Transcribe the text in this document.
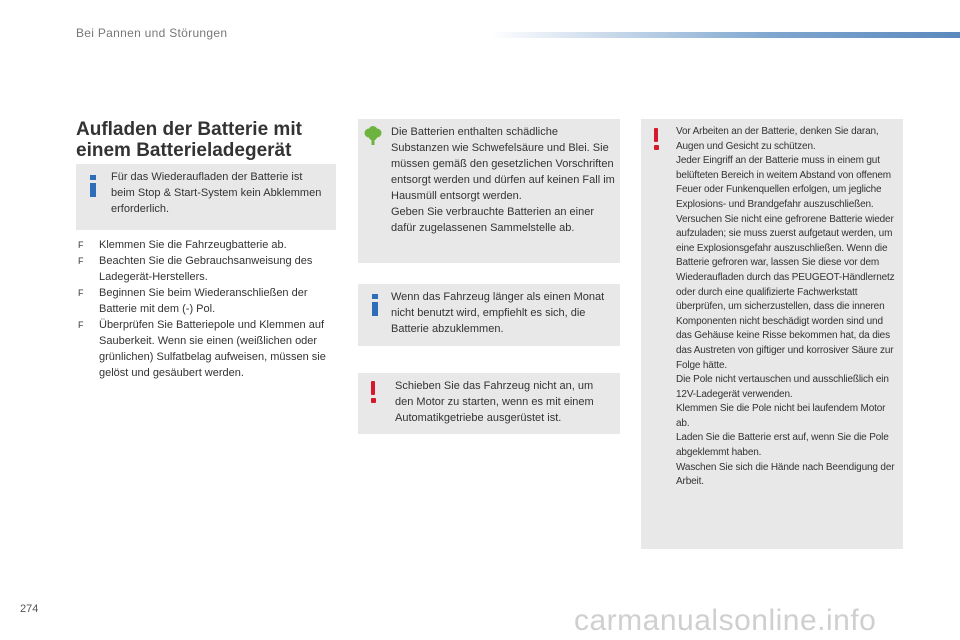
Bei Pannen und Störungen
Aufladen der Batterie mit
einem Batterieladegerät
Für das Wiederaufladen der Batterie ist beim Stop & Start-System kein Abklemmen erforderlich.
F Klemmen Sie die Fahrzeugbatterie ab.
F Beachten Sie die Gebrauchsanweisung des Ladegerät-Herstellers.
F Beginnen Sie beim Wiederanschließen der Batterie mit dem (-) Pol.
F Überprüfen Sie Batteriepole und Klemmen auf Sauberkeit. Wenn sie einen (weißlichen oder grünlichen) Sulfatbelag aufweisen, müssen sie gelöst und gesäubert werden.
Die Batterien enthalten schädliche Substanzen wie Schwefelsäure und Blei. Sie müssen gemäß den gesetzlichen Vorschriften entsorgt werden und dürfen auf keinen Fall im Hausmüll entsorgt werden.
Geben Sie verbrauchte Batterien an einer dafür zugelassenen Sammelstelle ab.
Wenn das Fahrzeug länger als einen Monat nicht benutzt wird, empfiehlt es sich, die Batterie abzuklemmen.
Schieben Sie das Fahrzeug nicht an, um den Motor zu starten, wenn es mit einem Automatikgetriebe ausgerüstet ist.
Vor Arbeiten an der Batterie, denken Sie daran, Augen und Gesicht zu schützen.
Jeder Eingriff an der Batterie muss in einem gut belüfteten Bereich in weitem Abstand von offenem Feuer oder Funkenquellen erfolgen, um jegliche Explosions- und Brandgefahr auszuschließen.
Versuchen Sie nicht eine gefrorene Batterie wieder aufzuladen; sie muss zuerst aufgetaut werden, um eine Explosionsgefahr auszuschließen. Wenn die Batterie gefroren war, lassen Sie diese vor dem Wiederaufladen durch das PEUGEOT-Händlernetz oder durch eine qualifizierte Fachwerkstatt überprüfen, um sicherzustellen, dass die inneren Komponenten nicht beschädigt worden sind und das Gehäuse keine Risse bekommen hat, da dies das Austreten von giftiger und korrosiver Säure zur Folge hätte.
Die Pole nicht vertauschen und ausschließlich ein 12V-Ladegerät verwenden.
Klemmen Sie die Pole nicht bei laufendem Motor ab.
Laden Sie die Batterie erst auf, wenn Sie die Pole abgeklemmt haben.
Waschen Sie sich die Hände nach Beendigung der Arbeit.
274	carmanualsonline.info
